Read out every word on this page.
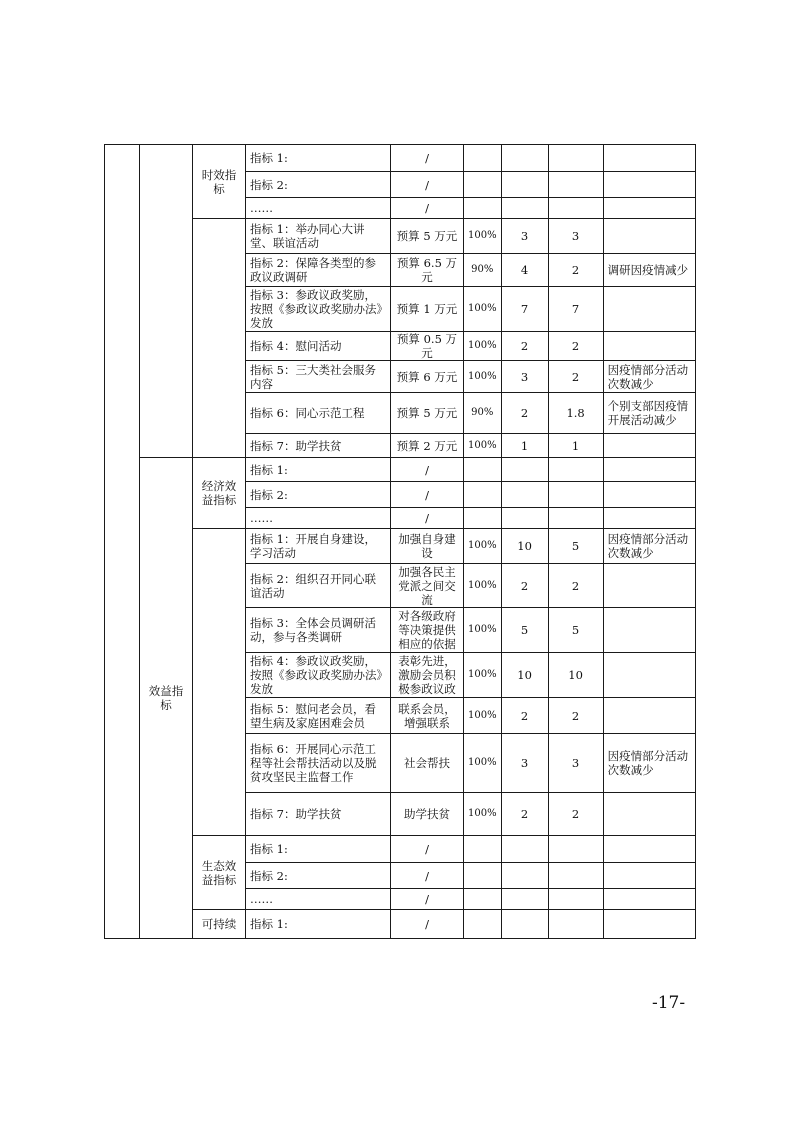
		时效指标	指标 1:	/				
			指标 2:	/				
			……	/				
			指标 1：举办同心大讲堂、联谊活动	预算 5 万元	100%	3	3	
			指标 2：保障各类型的参政议政调研	预算 6.5 万元	90%	4	2	调研因疫情减少
			指标 3：参政议政奖励，按照《参政议政奖励办法》发放	预算 1 万元	100%	7	7	
			指标 4：慰问活动	预算 0.5 万元	100%	2	2	
			指标 5：三大类社会服务内容	预算 6 万元	100%	3	2	因疫情部分活动次数减少
			指标 6：同心示范工程	预算 5 万元	90%	2	1.8	个别支部因疫情开展活动减少
			指标 7：助学扶贫	预算 2 万元	100%	1	1	
	效益指标	经济效益指标	指标 1:	/				
			指标 2:	/				
			……	/				
			指标 1：开展自身建设，学习活动	加强自身建设	100%	10	5	因疫情部分活动次数减少
			指标 2：组织召开同心联谊活动	加强各民主党派之间交流	100%	2	2	
			指标 3：全体会员调研活动，参与各类调研	对各级政府等决策提供相应的依据	100%	5	5	
			指标 4：参政议政奖励，按照《参政议政奖励办法》发放	表彰先进，激励会员积极参政议政	100%	10	10	
			指标 5：慰问老会员，看望生病及家庭困难会员	联系会员，增强联系	100%	2	2	
			指标 6：开展同心示范工程等社会帮扶活动以及脱贫攻坚民主监督工作	社会帮扶	100%	3	3	因疫情部分活动次数减少
			指标 7：助学扶贫	助学扶贫	100%	2	2	
		生态效益指标	指标 1:	/				
			指标 2:	/				
			……	/				
		可持续	指标 1:	/				
-17-
